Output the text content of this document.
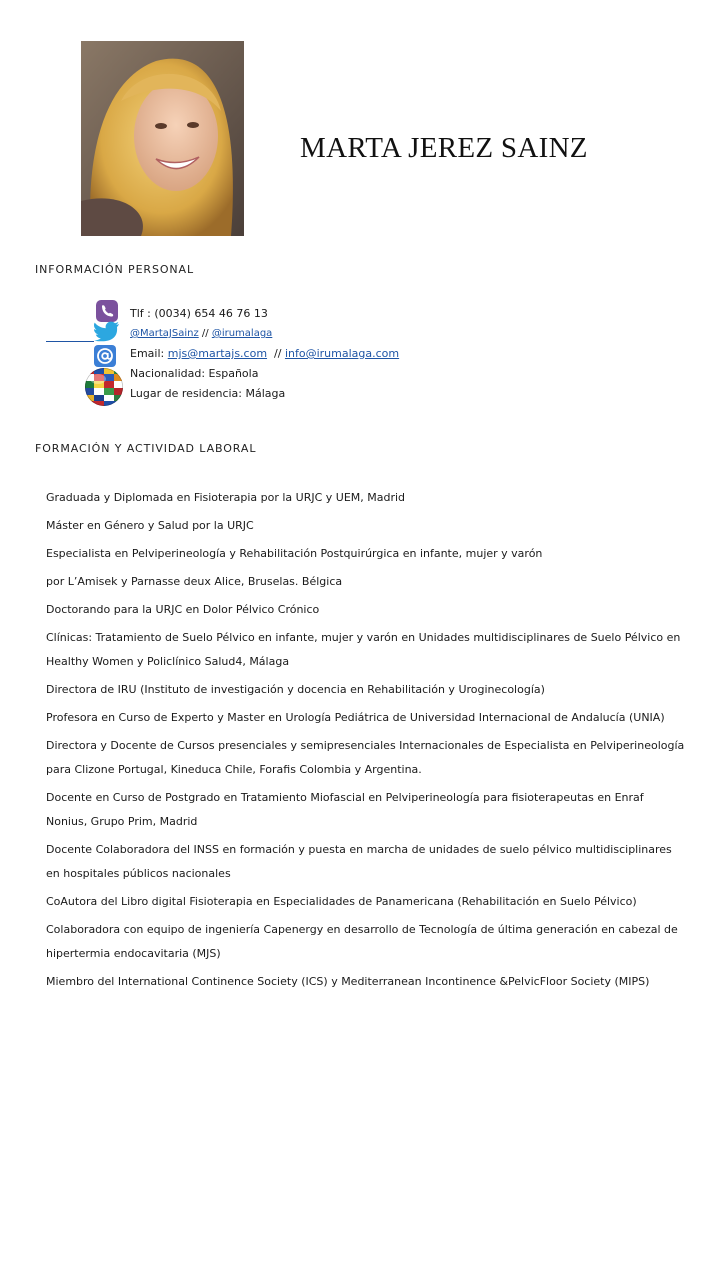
MARTA JEREZ SAINZ
INFORMACIÓN PERSONAL
Tlf : (0034) 654 46 76 13
@MartaJSainz // @irumalaga
Email: mjs@martajs.com  // info@irumalaga.com
Nacionalidad: Española
Lugar de residencia: Málaga
FORMACIÓN Y ACTIVIDAD LABORAL
Graduada y Diplomada en Fisioterapia por la URJC y UEM, Madrid
Máster en Género y Salud por la URJC
Especialista en Pelviperineología y Rehabilitación Postquirúrgica en infante, mujer y varón
por L’Amisek y Parnasse deux Alice, Bruselas. Bélgica
Doctorando para la URJC en Dolor Pélvico Crónico
Clínicas: Tratamiento de Suelo Pélvico en infante, mujer y varón en Unidades multidisciplinares de Suelo Pélvico en Healthy Women y Policlínico Salud4, Málaga
Directora de IRU (Instituto de investigación y docencia en Rehabilitación y Uroginecología)
Profesora en Curso de Experto y Master en Urología Pediátrica de Universidad Internacional de Andalucía (UNIA)
Directora y Docente de Cursos presenciales y semipresenciales Internacionales de Especialista en Pelviperineología para Clizone Portugal, Kineduca Chile, Forafis Colombia y Argentina.
Docente en Curso de Postgrado en Tratamiento Miofascial en Pelviperineología para fisioterapeutas en Enraf Nonius, Grupo Prim, Madrid
Docente Colaboradora del INSS en formación y puesta en marcha de unidades de suelo pélvico multidisciplinares en hospitales públicos nacionales
CoAutora del Libro digital Fisioterapia en Especialidades de Panamericana (Rehabilitación en Suelo Pélvico)
Colaboradora con equipo de ingeniería Capenergy en desarrollo de Tecnología de última generación en cabezal de hipertermia endocavitaria (MJS)
Miembro del International Continence Society (ICS) y Mediterranean Incontinence &PelvicFloor Society (MIPS)
